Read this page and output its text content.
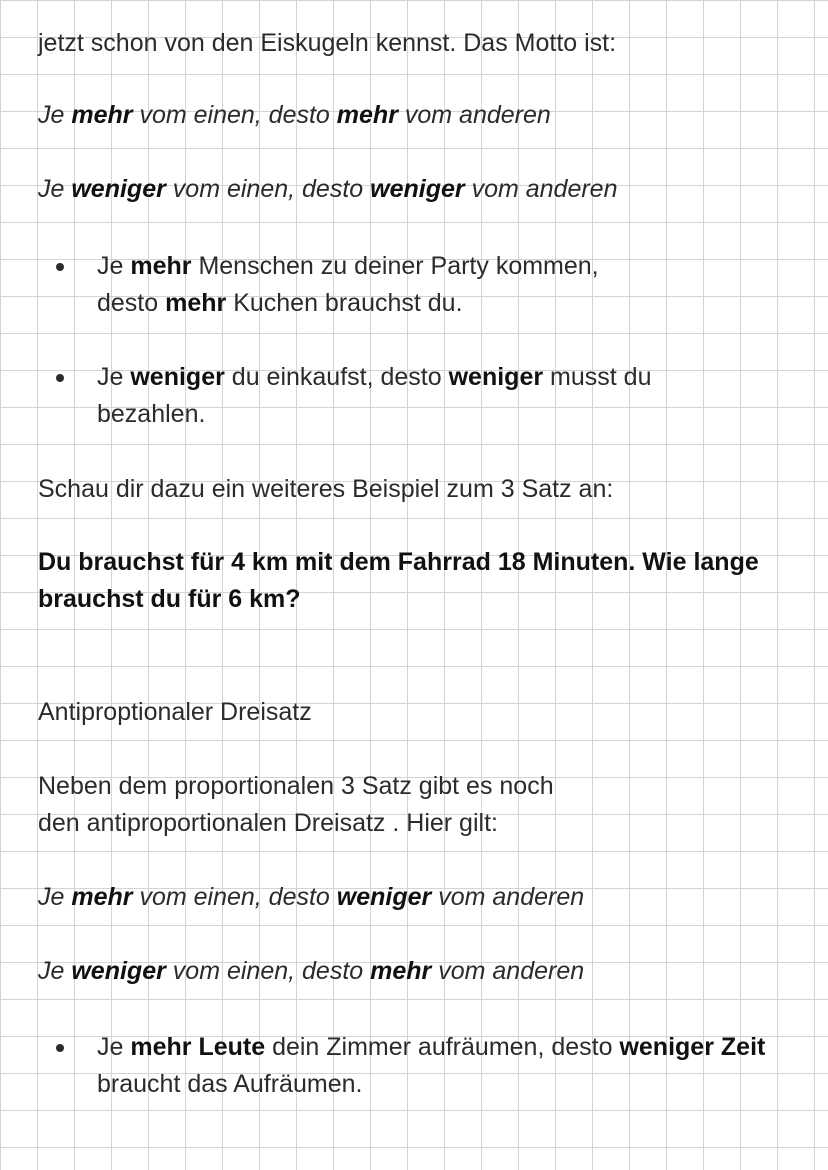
jetzt schon von den Eiskugeln kennst. Das Motto ist:

Je mehr vom einen, desto mehr vom anderen

Je weniger vom einen, desto weniger vom anderen

Je mehr Menschen zu deiner Party kommen,
desto mehr Kuchen brauchst du.
Je weniger du einkaufst, desto weniger musst du bezahlen.

Schau dir dazu ein weiteres Beispiel zum 3 Satz an:

Du brauchst für 4 km mit dem Fahrrad 18 Minuten. Wie lange

brauchst du für 6 km?

Antiproptionaler Dreisatz

Neben dem proportionalen 3 Satz gibt es noch

den antiproportionalen Dreisatz . Hier gilt:

Je mehr vom einen, desto weniger vom anderen

Je weniger vom einen, desto mehr vom anderen

Je mehr Leute dein Zimmer aufräumen, desto weniger Zeit braucht das Aufräumen.
